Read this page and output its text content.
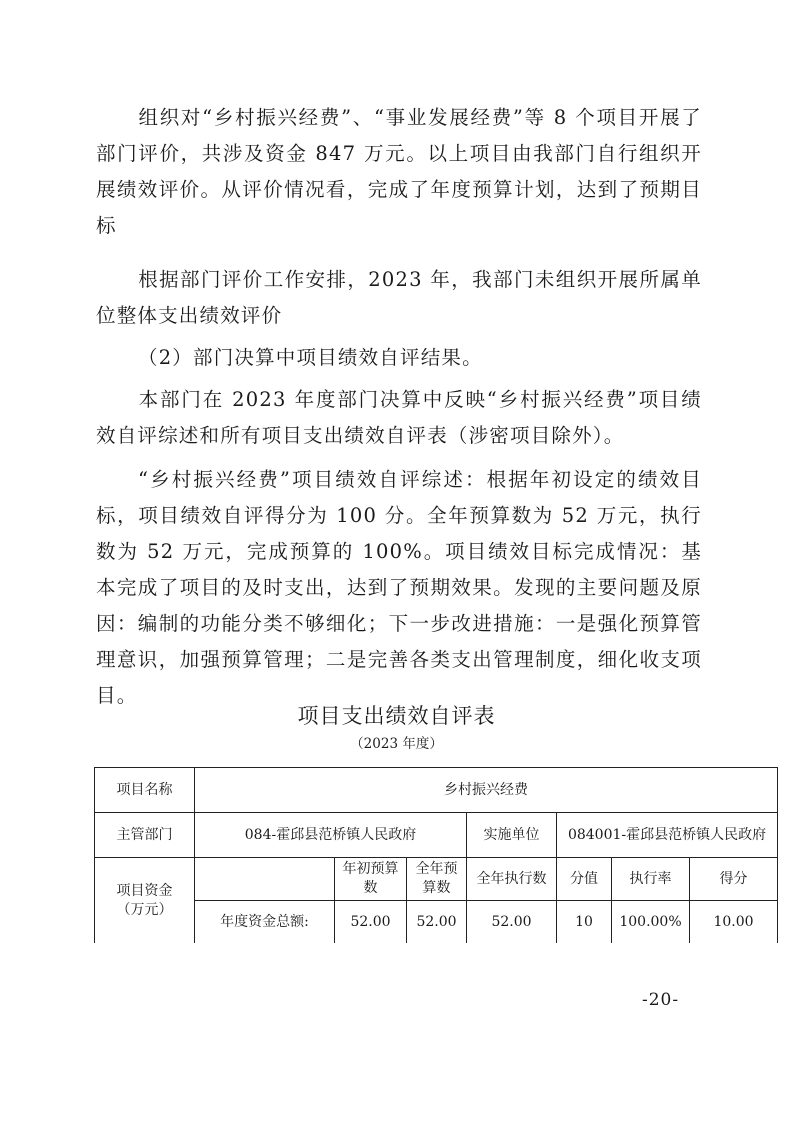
组织对“乡村振兴经费”、“事业发展经费”等 8 个项目开展了部门评价，共涉及资金 847 万元。以上项目由我部门自行组织开展绩效评价。从评价情况看，完成了年度预算计划，达到了预期目标

根据部门评价工作安排，2023 年，我部门未组织开展所属单位整体支出绩效评价

（2）部门决算中项目绩效自评结果。

本部门在 2023 年度部门决算中反映“乡村振兴经费”项目绩效自评综述和所有项目支出绩效自评表（涉密项目除外）。

“乡村振兴经费”项目绩效自评综述：根据年初设定的绩效目标，项目绩效自评得分为 100 分。全年预算数为 52 万元，执行数为 52 万元，完成预算的 100%。项目绩效目标完成情况：基本完成了项目的及时支出，达到了预期效果。发现的主要问题及原因：编制的功能分类不够细化；下一步改进措施：一是强化预算管理意识，加强预算管理；二是完善各类支出管理制度，细化收支项目。

项目支出绩效自评表
（2023 年度）
项目名称	乡村振兴经费						
主管部门	084-霍邱县范桥镇人民政府			实施单位	084001-霍邱县范桥镇人民政府		

项目资金
（万元）		年初预算数	全年预算数	全年执行数	分值	执行率	得分
	年度资金总额:	52.00	52.00	52.00	10	100.00%	10.00
-20-
